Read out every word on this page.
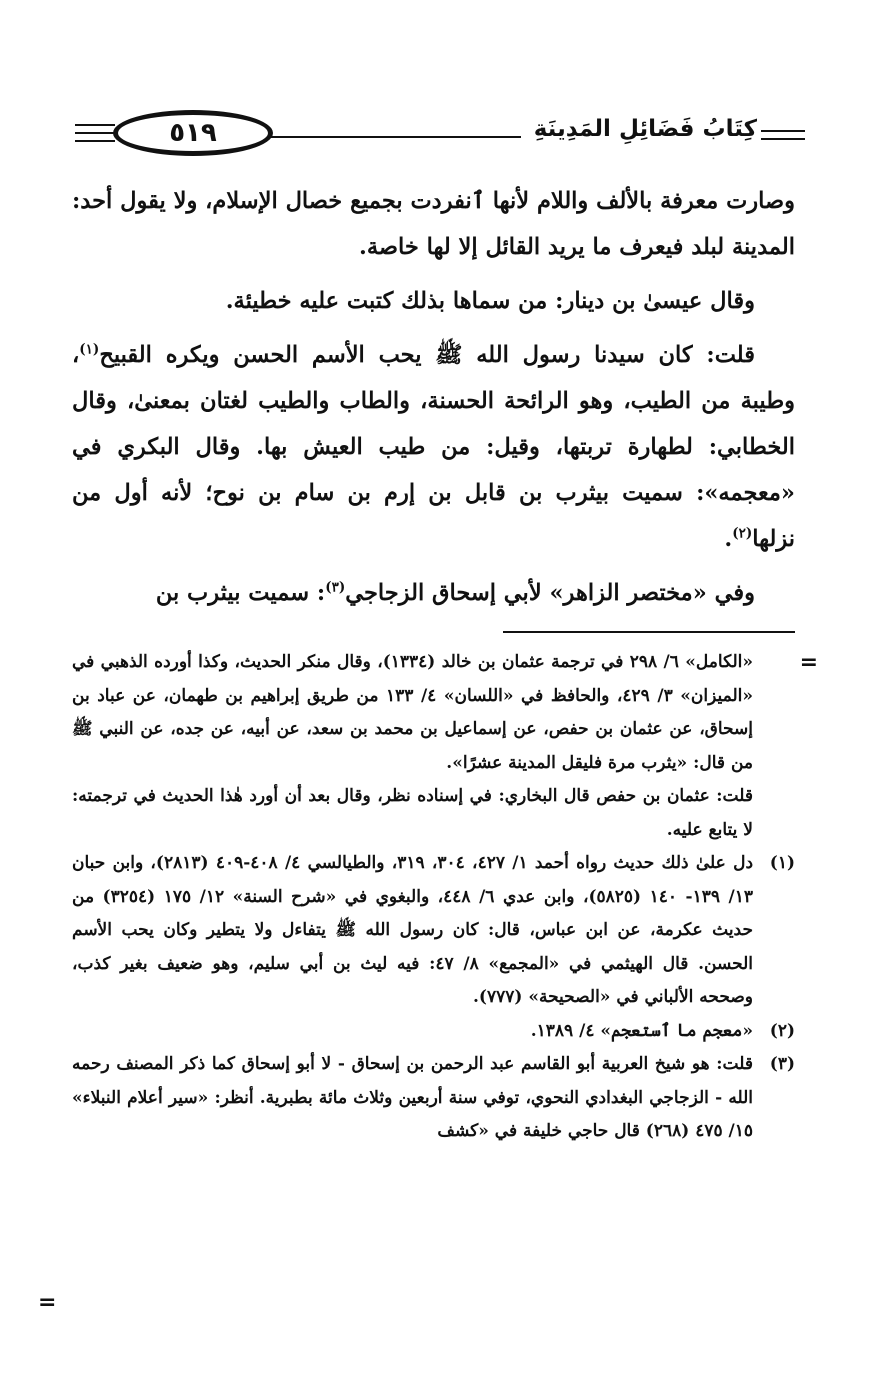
٥١٩	كِتَابُ فَضَائِلِ المَدِينَةِ

وصارت معرفة بالألف واللام لأنها ٱنفردت بجميع خصال الإسلام، ولا يقول أحد: المدينة لبلد فيعرف ما يريد القائل إلا لها خاصة.

وقال عيسىٰ بن دينار: من سماها بذلك كتبت عليه خطيئة.

قلت: كان سيدنا رسول الله ﷺ يحب الأسم الحسن ويكره القبيح$^{(١)}$، وطيبة من الطيب، وهو الرائحة الحسنة، والطاب والطيب لغتان بمعنىٰ، وقال الخطابي: لطهارة تربتها، وقيل: من طيب العيش بها. وقال البكري في «معجمه»: سميت بيثرب بن قابل بن إرم بن سام بن نوح؛ لأنه أول من نزلها$^{(٢)}$.

وفي «مختصر الزاهر» لأبي إسحاق الزجاجي$^{(٣)}$: سميت بيثرب بن

=
=

«الكامل» ٦/ ٢٩٨ في ترجمة عثمان بن خالد (١٣٣٤)، وقال منكر الحديث، وكذا أورده الذهبي في «الميزان» ٣/ ٤٢٩، والحافظ في «اللسان» ٤/ ١٣٣ من طريق إبراهيم بن طهمان، عن عباد بن إسحاق، عن عثمان بن حفص، عن إسماعيل بن محمد بن سعد، عن أبيه، عن جده، عن النبي ﷺ من قال: «يثرب مرة فليقل المدينة عشرًا».

قلت: عثمان بن حفص قال البخاري: في إسناده نظر، وقال بعد أن أورد هٰذا الحديث في ترجمته: لا يتابع عليه.

(١)
دل علىٰ ذلك حديث رواه أحمد ١/ ٤٢٧، ٣٠٤، ٣١٩، والطيالسي ٤/ ٤٠٨-٤٠٩ (٢٨١٣)، وابن حبان ١٣/ ١٣٩- ١٤٠ (٥٨٢٥)، وابن عدي ٦/ ٤٤٨، والبغوي في «شرح السنة» ١٢/ ١٧٥ (٣٢٥٤) من حديث عكرمة، عن ابن عباس، قال: كان رسول الله ﷺ يتفاءل ولا يتطير وكان يحب الأسم الحسن. قال الهيثمي في «المجمع» ٨/ ٤٧: فيه ليث بن أبي سليم، وهو ضعيف بغير كذب، وصححه الألباني في «الصحيحة» (٧٧٧).

(٢)
«معجم ما ٱستعجم» ٤/ ١٣٨٩.

(٣)
قلت: هو شيخ العربية أبو القاسم عبد الرحمن بن إسحاق - لا أبو إسحاق كما ذكر المصنف رحمه الله - الزجاجي البغدادي النحوي، توفي سنة أربعين وثلاث مائة بطبرية. أنظر: «سير أعلام النبلاء» ١٥/ ٤٧٥ (٢٦٨) قال حاجي خليفة في «كشف
